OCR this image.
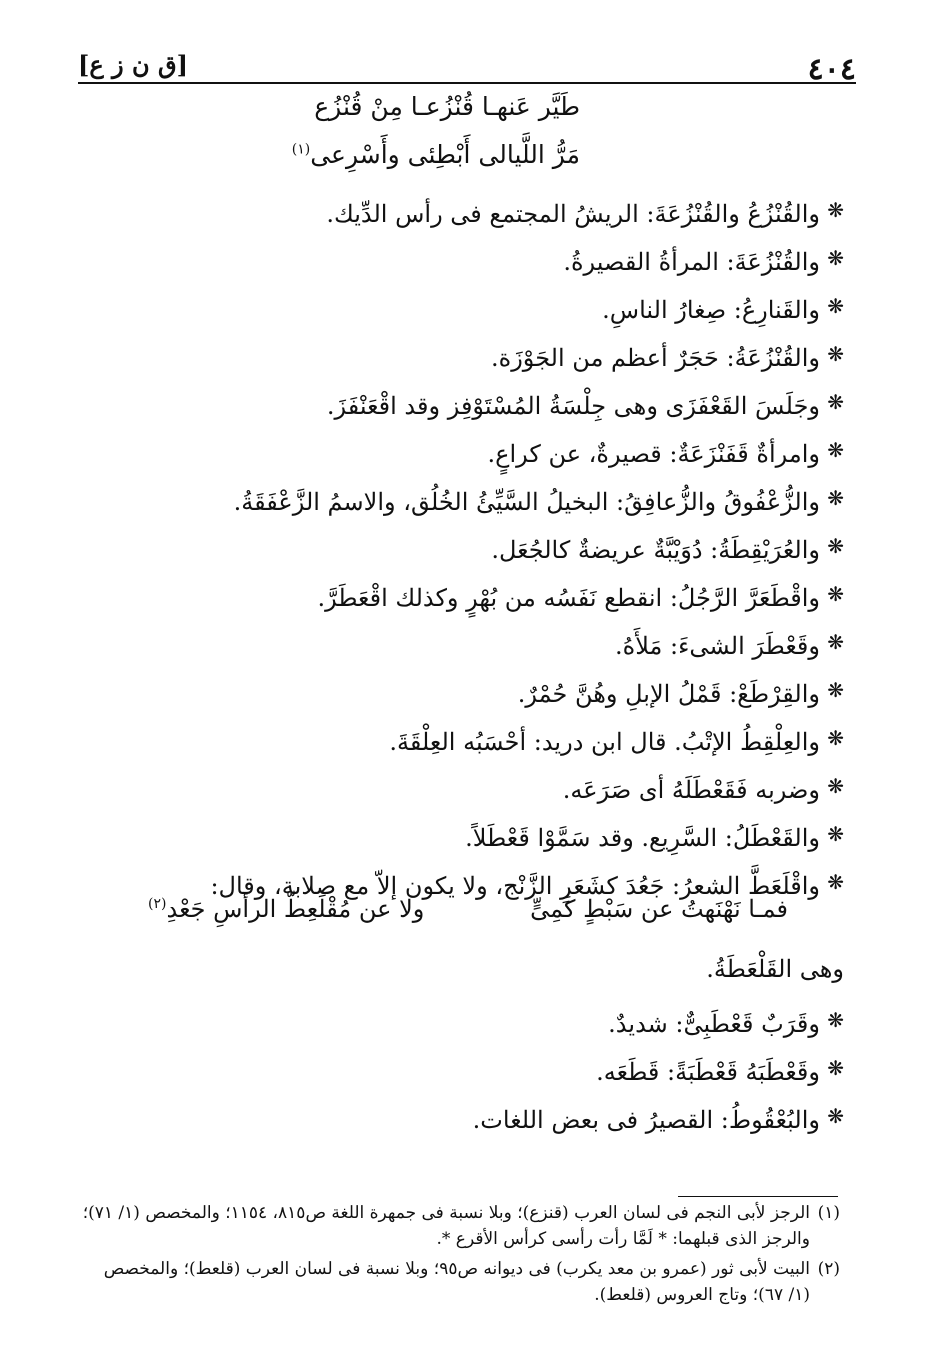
٤٠٤
[ق ن ز ع]
طَيَّر عَنهـا قُنْزُعـا مِنْ قُنْزُع
مَرُّ اللَّيالى أَبْطِئى وأَسْرِعى$^{(١)}$
❋
والقُنْزُعُ والقُنْزُعَةَ: الريشُ المجتمع فى رأس الدِّيك.
❋
والقُنْزُعَةَ: المرأةُ القصيرةُ.
❋
والقَنارِعُ: صِغارُ الناسِ.
❋
والقُنْزُعَةُ: حَجَرٌ أعظم من الجَوْزَة.
❋
وجَلَسَ القَعْفَزَى وهى جِلْسَةُ المُسْتَوْفِز وقد اقْعَنْفَزَ.
❋
وامرأةٌ قَفَنْزَعَةٌ: قصيرةٌ، عن كراعٍ.
❋
والزُّعْفُوقُ والزُّعافِقُ: البخيلُ السَّيِّئُ الخُلُق، والاسمُ الزَّعْفَقَةُ.
❋
والعُرَيْقِطَةُ: دُوَيْبَّةٌ عريضةٌ كالجُعَل.
❋
واقْطَعَرَّ الرَّجُلُ: انقطع نَفَسُه من بُهْرٍ وكذلك اقْعَطَرَّ.
❋
وقَعْطَرَ الشىءَ: مَلأَهُ.
❋
والقِرْطَعْ: قَمْلُ الإبلِ وهُنَّ حُمْرٌ.
❋
والعِلْقِطُ الإتْبُ. قال ابن دريد: أحْسَبُه العِلْقَةَ.
❋
وضربه فَقَعْطَلَهُ أى صَرَعَه.
❋
والقَعْطَلُ: السَّرِيع. وقد سَمَّوْا قَعْطَلاً.
❋
واقْلَعَطَّ الشعرُ: جَعُدَ كشَعَرِ الزَّنْج، ولا يكون إلاّ مع صلابة، وقال:
فمـا نَهْنَهتُ عن سَبْطٍ كَمِىٍّ
ولا عن مُقْلَعِطّ الرأسِ جَعْدِ$^{(٢)}$
وهى القَلْعَطَةُ.
❋
وقَرَبٌ قَعْطَبِىٌّ: شديدٌ.
❋
وقَعْطَبَهُ قَعْطَبَةً: قَطَعَه.
❋
والبُعْقُوطُ: القصيرُ فى بعض اللغات.
(١)
الرجز لأبى النجم فى لسان العرب (قنزع)؛ وبلا نسبة فى جمهرة اللغة ص٨١٥، ١١٥٤؛ والمخصص (١/ ٧١)؛ والرجز الذى قبلهما: * لَمَّا رأت رأسى كرأس الأقرع *.
(٢)
البيت لأبى ثور (عمرو بن معد يكرب) فى ديوانه ص٩٥؛ وبلا نسبة فى لسان العرب (قلعط)؛ والمخصص (١/ ٦٧)؛ وتاج العروس (قلعط).
